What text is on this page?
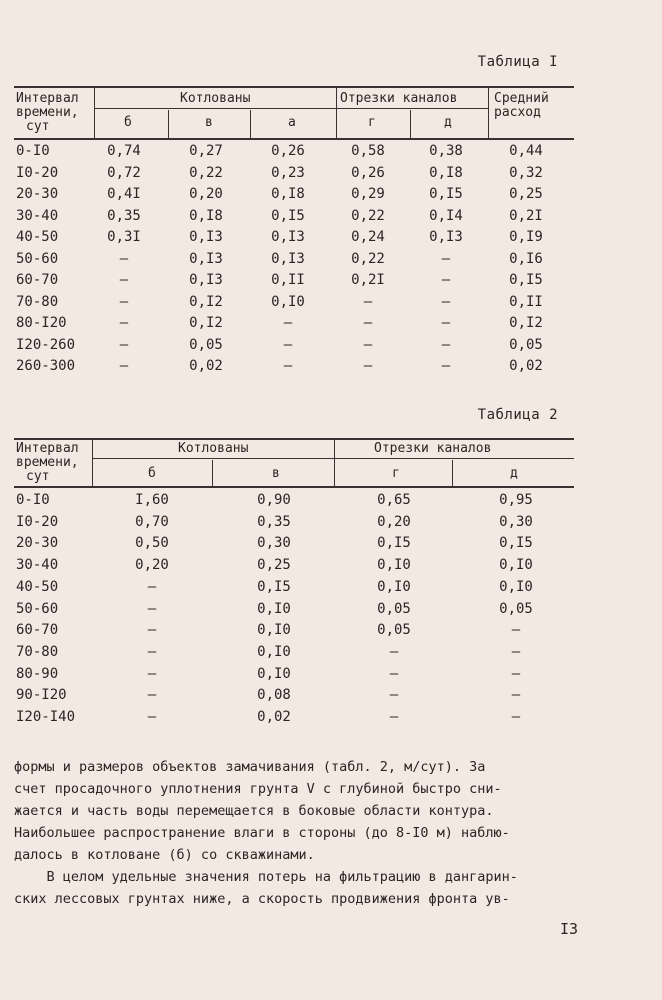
Таблица I
Интервал
времени,
сут
Котлованы	Отрезки каналов	Средний
расход
б	в	а	г	д
0-I0	0,74	0,27	0,26	0,58	0,38	0,44
I0-20	0,72	0,22	0,23	0,26	0,I8	0,32
20-30	0,4I	0,20	0,I8	0,29	0,I5	0,25
30-40	0,35	0,I8	0,I5	0,22	0,I4	0,2I
40-50	0,3I	0,I3	0,I3	0,24	0,I3	0,I9
50-60	–	0,I3	0,I3	0,22	–	0,I6
60-70	–	0,I3	0,II	0,2I	–	0,I5
70-80	–	0,I2	0,I0	–	–	0,II
80-I20	–	0,I2	–	–	–	0,I2
I20-260	–	0,05	–	–	–	0,05
260-300	–	0,02	–	–	–	0,02
Таблица 2
Интервал
времени,
сут
Котлованы	Отрезки каналов
б	в	г	д
0-I0	I,60	0,90	0,65	0,95
I0-20	0,70	0,35	0,20	0,30
20-30	0,50	0,30	0,I5	0,I5
30-40	0,20	0,25	0,I0	0,I0
40-50	–	0,I5	0,I0	0,I0
50-60	–	0,I0	0,05	0,05
60-70	–	0,I0	0,05	–
70-80	–	0,I0	–	–
80-90	–	0,I0	–	–
90-I20	–	0,08	–	–
I20-I40	–	0,02	–	–
формы и размеров объектов замачивания (табл. 2, м/сут). За
счет просадочного уплотнения грунта V с глубиной быстро сни-
жается и часть воды перемещается в боковые области контура.
Наибольшее распространение влаги в стороны (до 8-I0 м) наблю-
далось в котловане (б) со скважинами.
В целом удельные значения потерь на фильтрацию в дангарин-
ских лессовых грунтах ниже, а скорость продвижения фронта ув-
I3
